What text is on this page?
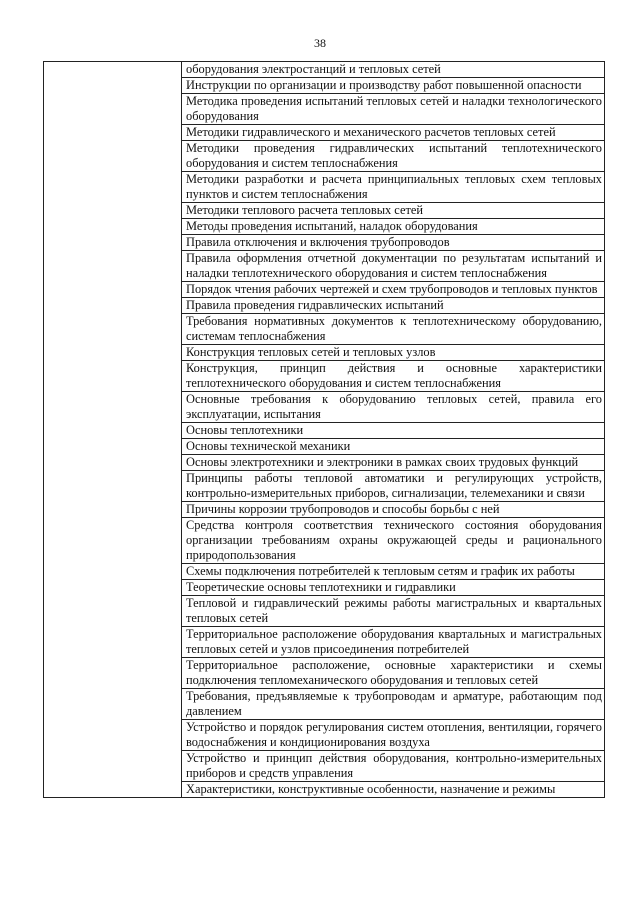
38
	оборудования электростанций и тепловых сетей
Инструкции по организации и производству работ повышенной опасности
Методика проведения испытаний тепловых сетей и наладки технологического оборудования
Методики гидравлического и механического расчетов тепловых сетей
Методики проведения гидравлических испытаний теплотехнического оборудования и систем теплоснабжения
Методики разработки и расчета принципиальных тепловых схем тепловых пунктов и систем теплоснабжения
Методики теплового расчета тепловых сетей
Методы проведения испытаний, наладок оборудования
Правила отключения и включения трубопроводов
Правила оформления отчетной документации по результатам испытаний и наладки теплотехнического оборудования и систем теплоснабжения
Порядок чтения рабочих чертежей и схем трубопроводов и тепловых пунктов
Правила проведения гидравлических испытаний
Требования нормативных документов к теплотехническому оборудованию, системам теплоснабжения
Конструкция тепловых сетей и тепловых узлов
Конструкция, принцип действия и основные характеристики теплотехнического оборудования и систем теплоснабжения
Основные требования к оборудованию тепловых сетей, правила его эксплуатации, испытания
Основы теплотехники
Основы технической механики
Основы электротехники и электроники в рамках своих трудовых функций
Принципы работы тепловой автоматики и регулирующих устройств, контрольно-измерительных приборов, сигнализации, телемеханики и связи
Причины коррозии трубопроводов и способы борьбы с ней
Средства контроля соответствия технического состояния оборудования организации требованиям охраны окружающей среды и рационального природопользования
Схемы подключения потребителей к тепловым сетям и график их работы
Теоретические основы теплотехники и гидравлики
Тепловой и гидравлический режимы работы магистральных и квартальных тепловых сетей
Территориальное расположение оборудования квартальных и магистральных тепловых сетей и узлов присоединения потребителей
Территориальное расположение, основные характеристики и схемы подключения тепломеханического оборудования и тепловых сетей
Требования, предъявляемые к трубопроводам и арматуре, работающим под давлением
Устройство и порядок регулирования систем отопления, вентиляции, горячего водоснабжения и кондиционирования воздуха
Устройство и принцип действия оборудования, контрольно-измерительных приборов и средств управления
Характеристики, конструктивные особенности, назначение и режимы
